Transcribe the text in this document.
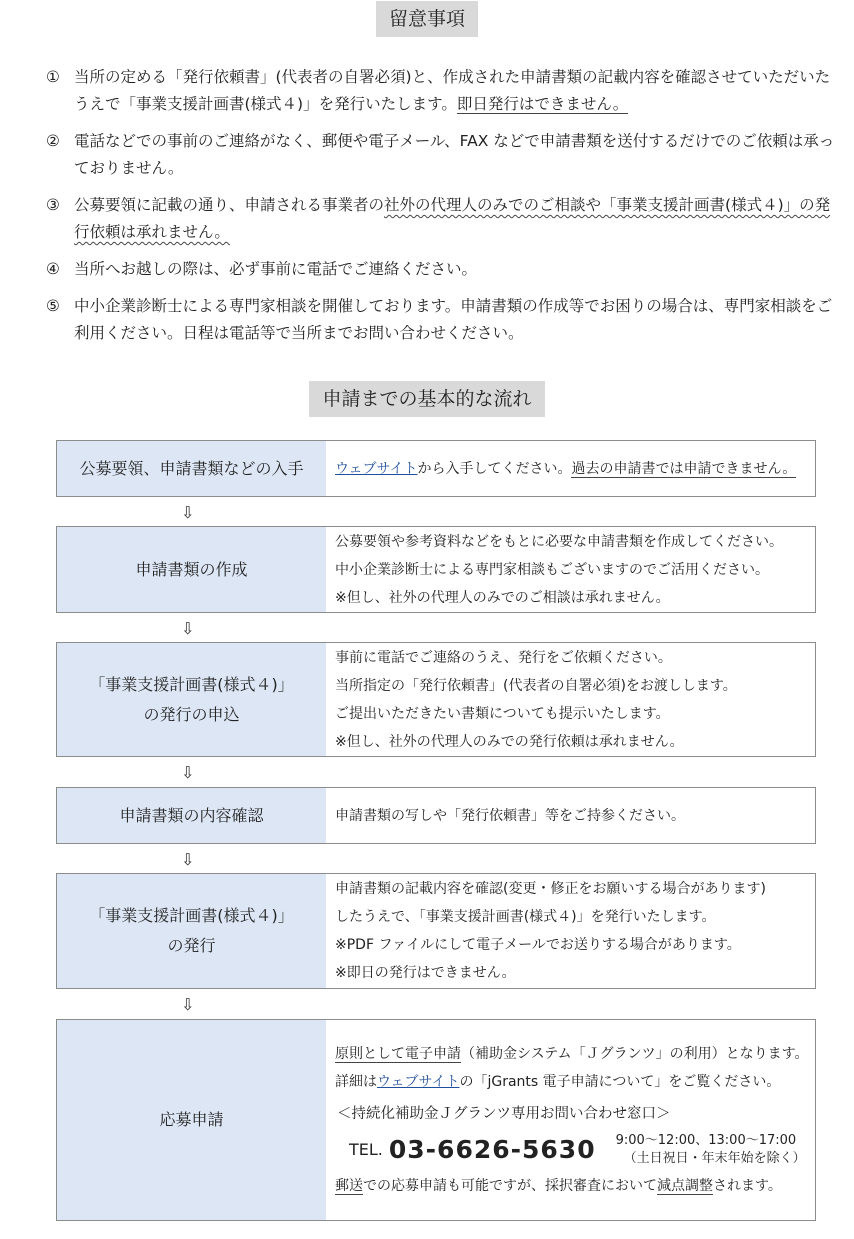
留意事項
① 当所の定める「発行依頼書」(代表者の自署必須)と、作成された申請書類の記載内容を確認させていただいたうえで「事業支援計画書(様式４)」を発行いたします。即日発行はできません。
② 電話などでの事前のご連絡がなく、郵便や電子メール、FAX などで申請書類を送付するだけでのご依頼は承っておりません。
③ 公募要領に記載の通り、申請される事業者の社外の代理人のみでのご相談や「事業支援計画書(様式４)」の発行依頼は承れません。
④ 当所へお越しの際は、必ず事前に電話でご連絡ください。
⑤ 中小企業診断士による専門家相談を開催しております。申請書類の作成等でお困りの場合は、専門家相談をご利用ください。日程は電話等で当所までお問い合わせください。
申請までの基本的な流れ
公募要領、申請書類などの入手 ウェブサイトから入手してください。過去の申請書では申請できません。
申請書類の作成
公募要領や参考資料などをもとに必要な申請書類を作成してください。
中小企業診断士による専門家相談もございますのでご活用ください。
※但し、社外の代理人のみでのご相談は承れません。
「事業支援計画書(様式４)」
の発行の申込
事前に電話でご連絡のうえ、発行をご依頼ください。
当所指定の「発行依頼書」(代表者の自署必須)をお渡しします。
ご提出いただきたい書類についても提示いたします。
※但し、社外の代理人のみでの発行依頼は承れません。
申請書類の内容確認	申請書類の写しや「発行依頼書」等をご持参ください。
「事業支援計画書(様式４)」
の発行
申請書類の記載内容を確認(変更・修正をお願いする場合があります)
したうえで、「事業支援計画書(様式４)」を発行いたします。
※PDF ファイルにして電子メールでお送りする場合があります。
※即日の発行はできません。
応募申請
原則として電子申請（補助金システム「Ｊグランツ」の利用）となります。
詳細はウェブサイトの「jGrants 電子申請について」をご覧ください。
＜持続化補助金Ｊグランツ専用お問い合わせ窓口＞
TEL. 03-6626-5630 9:00～12:00、13:00～17:00
（土日祝日・年末年始を除く）
郵送での応募申請も可能ですが、採択審査において減点調整されます。
⇩
⇩
⇩
⇩
⇩
